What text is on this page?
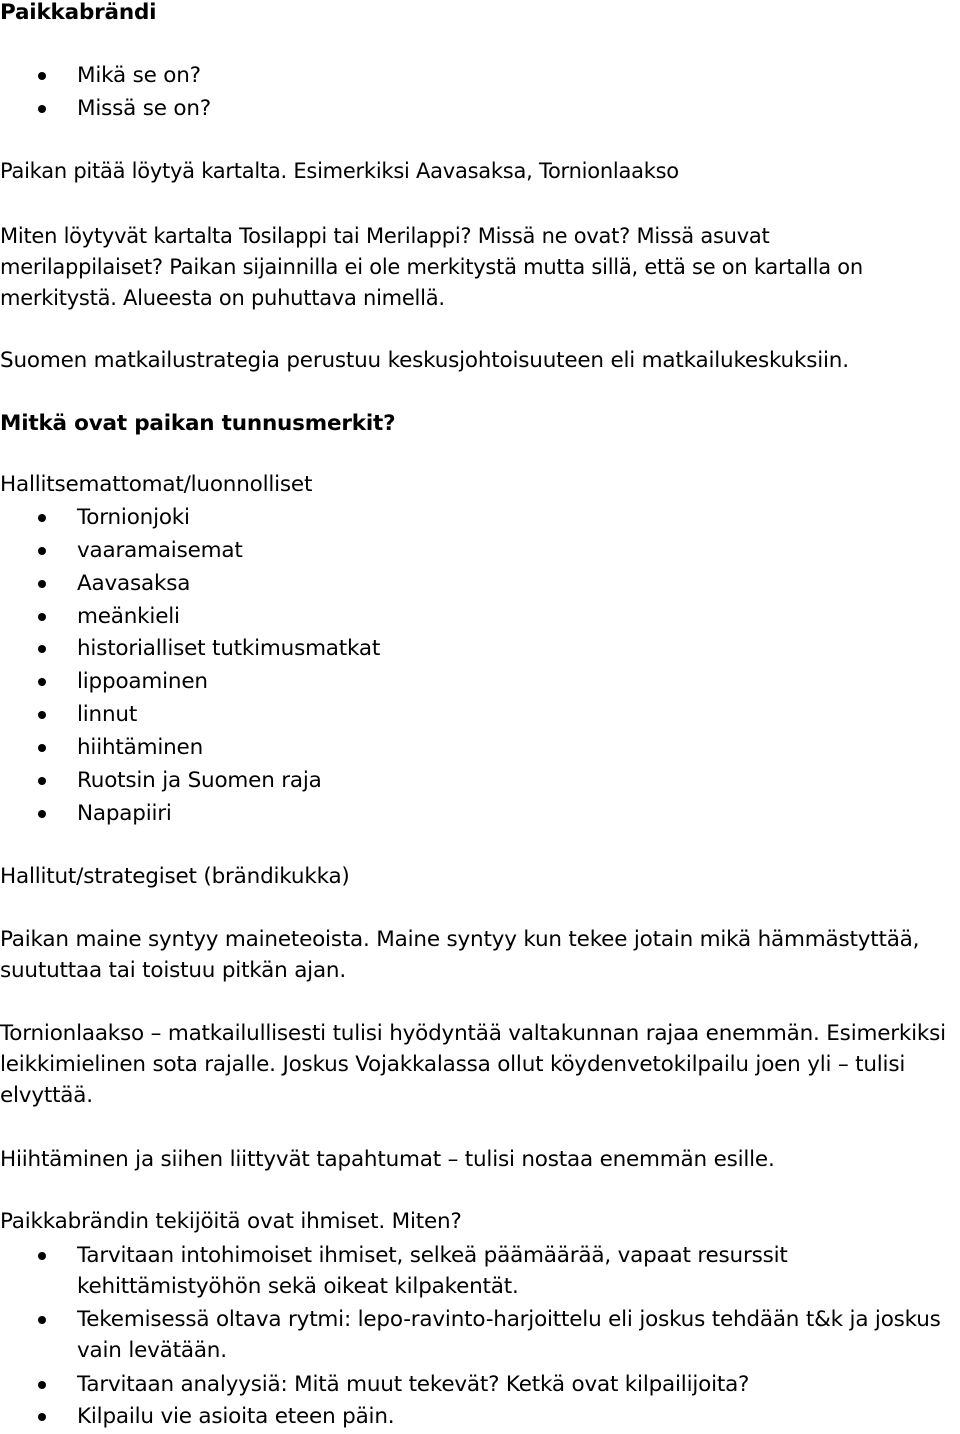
Paikkabrändi
Mikä se on?
Missä se on?
Paikan pitää löytyä kartalta. Esimerkiksi Aavasaksa, Tornionlaakso
Miten löytyvät kartalta Tosilappi tai Merilappi? Missä ne ovat? Missä asuvat
merilappilaiset? Paikan sijainnilla ei ole merkitystä mutta sillä, että se on kartalla on
merkitystä. Alueesta on puhuttava nimellä.
Suomen matkailustrategia perustuu keskusjohtoisuuteen eli matkailukeskuksiin.
Mitkä ovat paikan tunnusmerkit?
Hallitsemattomat/luonnolliset
Tornionjoki
vaaramaisemat
Aavasaksa
meänkieli
historialliset tutkimusmatkat
lippoaminen
linnut
hiihtäminen
Ruotsin ja Suomen raja
Napapiiri
Hallitut/strategiset (brändikukka)
Paikan maine syntyy maineteoista. Maine syntyy kun tekee jotain mikä hämmästyttää,
suututtaa tai toistuu pitkän ajan.
Tornionlaakso – matkailullisesti tulisi hyödyntää valtakunnan rajaa enemmän. Esimerkiksi
leikkimielinen sota rajalle. Joskus Vojakkalassa ollut köydenvetokilpailu joen yli – tulisi
elvyttää.
Hiihtäminen ja siihen liittyvät tapahtumat – tulisi nostaa enemmän esille.
Paikkabrändin tekijöitä ovat ihmiset. Miten?
Tarvitaan intohimoiset ihmiset, selkeä päämäärää, vapaat resurssit
kehittämistyöhön sekä oikeat kilpakentät.
Tekemisessä oltava rytmi: lepo-ravinto-harjoittelu eli joskus tehdään t&k ja joskus
vain levätään.
Tarvitaan analyysiä: Mitä muut tekevät? Ketkä ovat kilpailijoita?
Kilpailu vie asioita eteen päin.
